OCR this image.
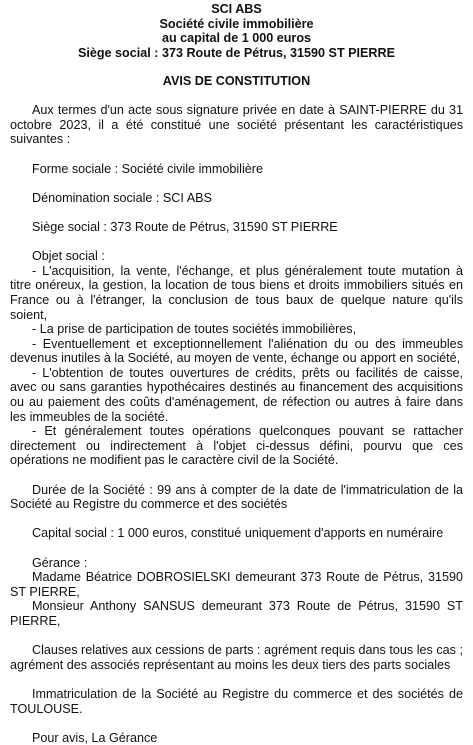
SCI ABS
Société civile immobilière
au capital de 1 000 euros
Siège social : 373 Route de Pétrus, 31590 ST PIERRE
AVIS DE CONSTITUTION

Aux termes d'un acte sous signature privée en date à SAINT-PIERRE du 31 octobre 2023, il a été constitué une société présentant les caractéristiques suivantes :

Forme sociale : Société civile immobilière

Dénomination sociale : SCI ABS

Siège social : 373 Route de Pétrus, 31590 ST PIERRE

Objet social :

- L'acquisition, la vente, l'échange, et plus généralement toute mutation à titre onéreux, la gestion, la location de tous biens et droits immobiliers situés en France ou à l'étranger, la conclusion de tous baux de quelque nature qu'ils soient,

- La prise de participation de toutes sociétés immobilières,

- Eventuellement et exceptionnellement l'aliénation du ou des immeubles devenus inutiles à la Société, au moyen de vente, échange ou apport en société,

- L'obtention de toutes ouvertures de crédits, prêts ou facilités de caisse, avec ou sans garanties hypothécaires destinés au financement des acquisitions ou au paiement des coûts d'aménagement, de réfection ou autres à faire dans les immeubles de la société.

- Et généralement toutes opérations quelconques pouvant se rattacher directement ou indirectement à l'objet ci-dessus défini, pourvu que ces opérations ne modifient pas le caractère civil de la Société.

Durée de la Société : 99 ans à compter de la date de l'immatriculation de la Société au Registre du commerce et des sociétés

Capital social : 1 000 euros, constitué uniquement d'apports en numéraire

Gérance :

Madame Béatrice DOBROSIELSKI demeurant 373 Route de Pétrus, 31590 ST PIERRE,

Monsieur Anthony SANSUS demeurant 373 Route de Pétrus, 31590 ST PIERRE,

Clauses relatives aux cessions de parts : agrément requis dans tous les cas ; agrément des associés représentant au moins les deux tiers des parts sociales

Immatriculation de la Société au Registre du commerce et des sociétés de TOULOUSE.

Pour avis, La Gérance
